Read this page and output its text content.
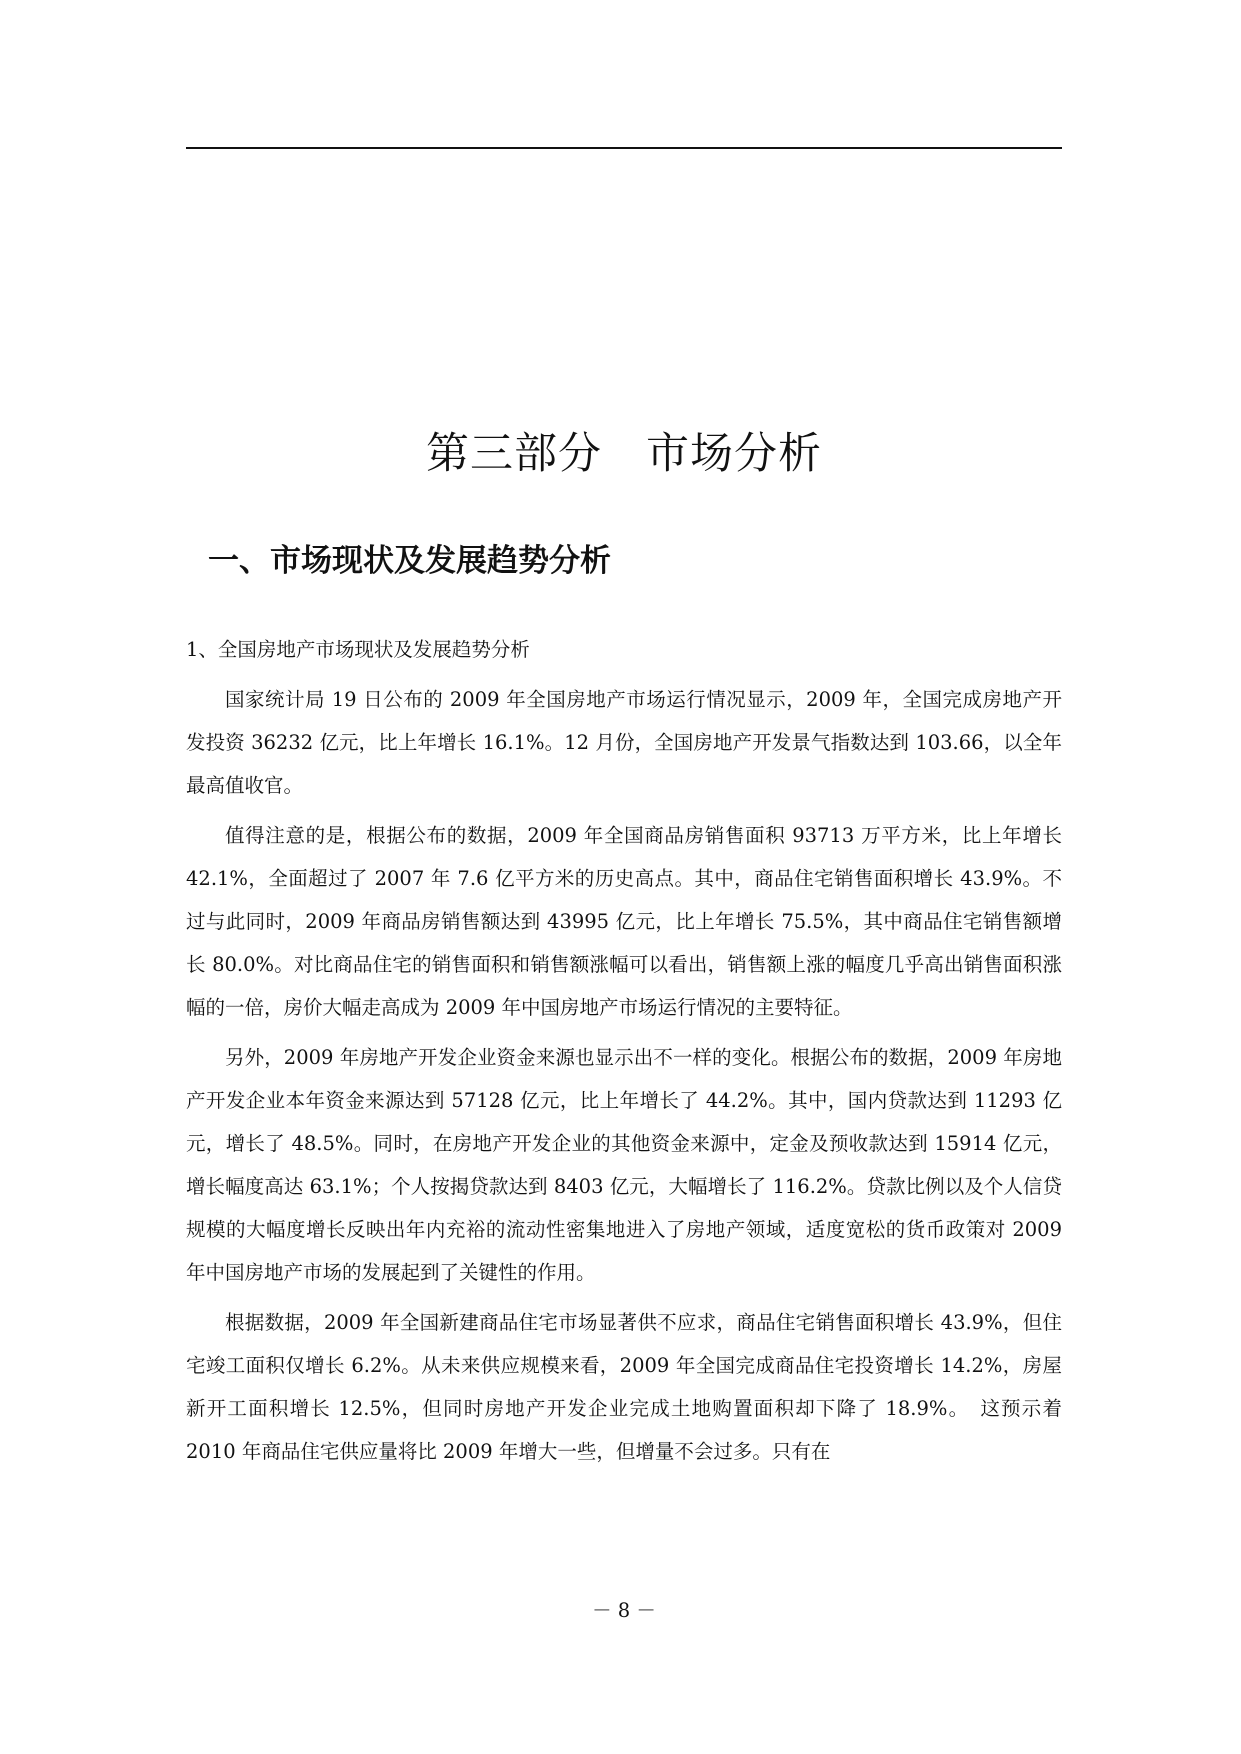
第三部分　市场分析
一、市场现状及发展趋势分析
1、全国房地产市场现状及发展趋势分析

国家统计局 19 日公布的 2009 年全国房地产市场运行情况显示，2009 年，全国完成房地产开发投资 36232 亿元，比上年增长 16.1%。12 月份，全国房地产开发景气指数达到 103.66，以全年最高值收官。

值得注意的是，根据公布的数据，2009 年全国商品房销售面积 93713 万平方米，比上年增长 42.1%，全面超过了 2007 年 7.6 亿平方米的历史高点。其中，商品住宅销售面积增长 43.9%。不过与此同时，2009 年商品房销售额达到 43995 亿元，比上年增长 75.5%，其中商品住宅销售额增长 80.0%。对比商品住宅的销售面积和销售额涨幅可以看出，销售额上涨的幅度几乎高出销售面积涨幅的一倍，房价大幅走高成为 2009 年中国房地产市场运行情况的主要特征。

另外，2009 年房地产开发企业资金来源也显示出不一样的变化。根据公布的数据，2009 年房地产开发企业本年资金来源达到 57128 亿元，比上年增长了 44.2%。其中，国内贷款达到 11293 亿元，增长了 48.5%。同时，在房地产开发企业的其他资金来源中，定金及预收款达到 15914 亿元，增长幅度高达 63.1%；个人按揭贷款达到 8403 亿元，大幅增长了 116.2%。贷款比例以及个人信贷规模的大幅度增长反映出年内充裕的流动性密集地进入了房地产领域，适度宽松的货币政策对 2009 年中国房地产市场的发展起到了关键性的作用。

根据数据，2009 年全国新建商品住宅市场显著供不应求，商品住宅销售面积增长 43.9%，但住宅竣工面积仅增长 6.2%。从未来供应规模来看，2009 年全国完成商品住宅投资增长 14.2%，房屋新开工面积增长 12.5%，但同时房地产开发企业完成土地购置面积却下降了 18.9%。　这预示着 2010 年商品住宅供应量将比 2009 年增大一些，但增量不会过多。只有在

－ 8 －
